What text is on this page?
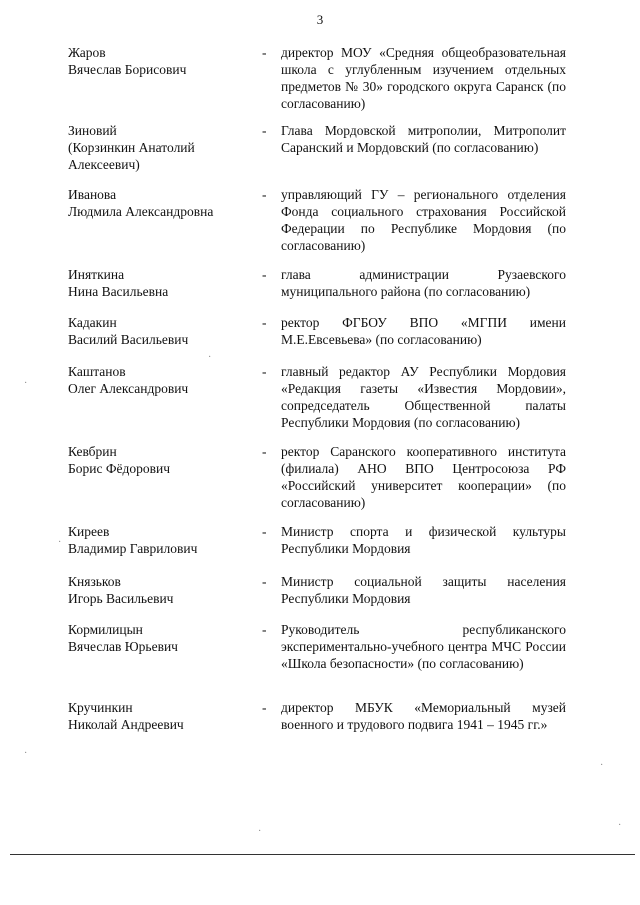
3
Жаров
Вячеслав Борисович
- директор МОУ «Средняя общеобразовательная школа с углубленным изучением отдельных предметов № 30» городского округа Саранск (по согласованию)
Зиновий
(Корзинкин Анатолий
Алексеевич)
- Глава Мордовской митрополии, Митрополит Саранский и Мордовский (по согласованию)
Иванова
Людмила Александровна
- управляющий ГУ – регионального отделения Фонда социального страхования Российской Федерации по Республике Мордовия (по согласованию)
Иняткина
Нина Васильевна
- глава администрации Рузаевского муниципального района (по согласованию)
Кадакин
Василий Васильевич
- ректор ФГБОУ ВПО «МГПИ имени М.Е.Евсевьева» (по согласованию)
Каштанов
Олег Александрович
- главный редактор АУ Республики Мордовия «Редакция газеты «Известия Мордовии», сопредседатель Общественной палаты Республики Мордовия (по согласованию)
Кевбрин
Борис Фёдорович
- ректор Саранского кооперативного института (филиала) АНО ВПО Центросоюза РФ «Российский университет кооперации» (по согласованию)
Киреев
Владимир Гаврилович
- Министр спорта и физической культуры Республики Мордовия
Князьков
Игорь Васильевич
- Министр социальной защиты населения Республики Мордовия
Кормилицын
Вячеслав Юрьевич
- Руководитель республиканского экспериментально-учебного центра МЧС России «Школа безопасности» (по согласованию)
Кручинкин
Николай Андреевич
- директор МБУК «Мемориальный музей военного и трудового подвига 1941 – 1945 гг.»
·
·
·
·
·
·
·
